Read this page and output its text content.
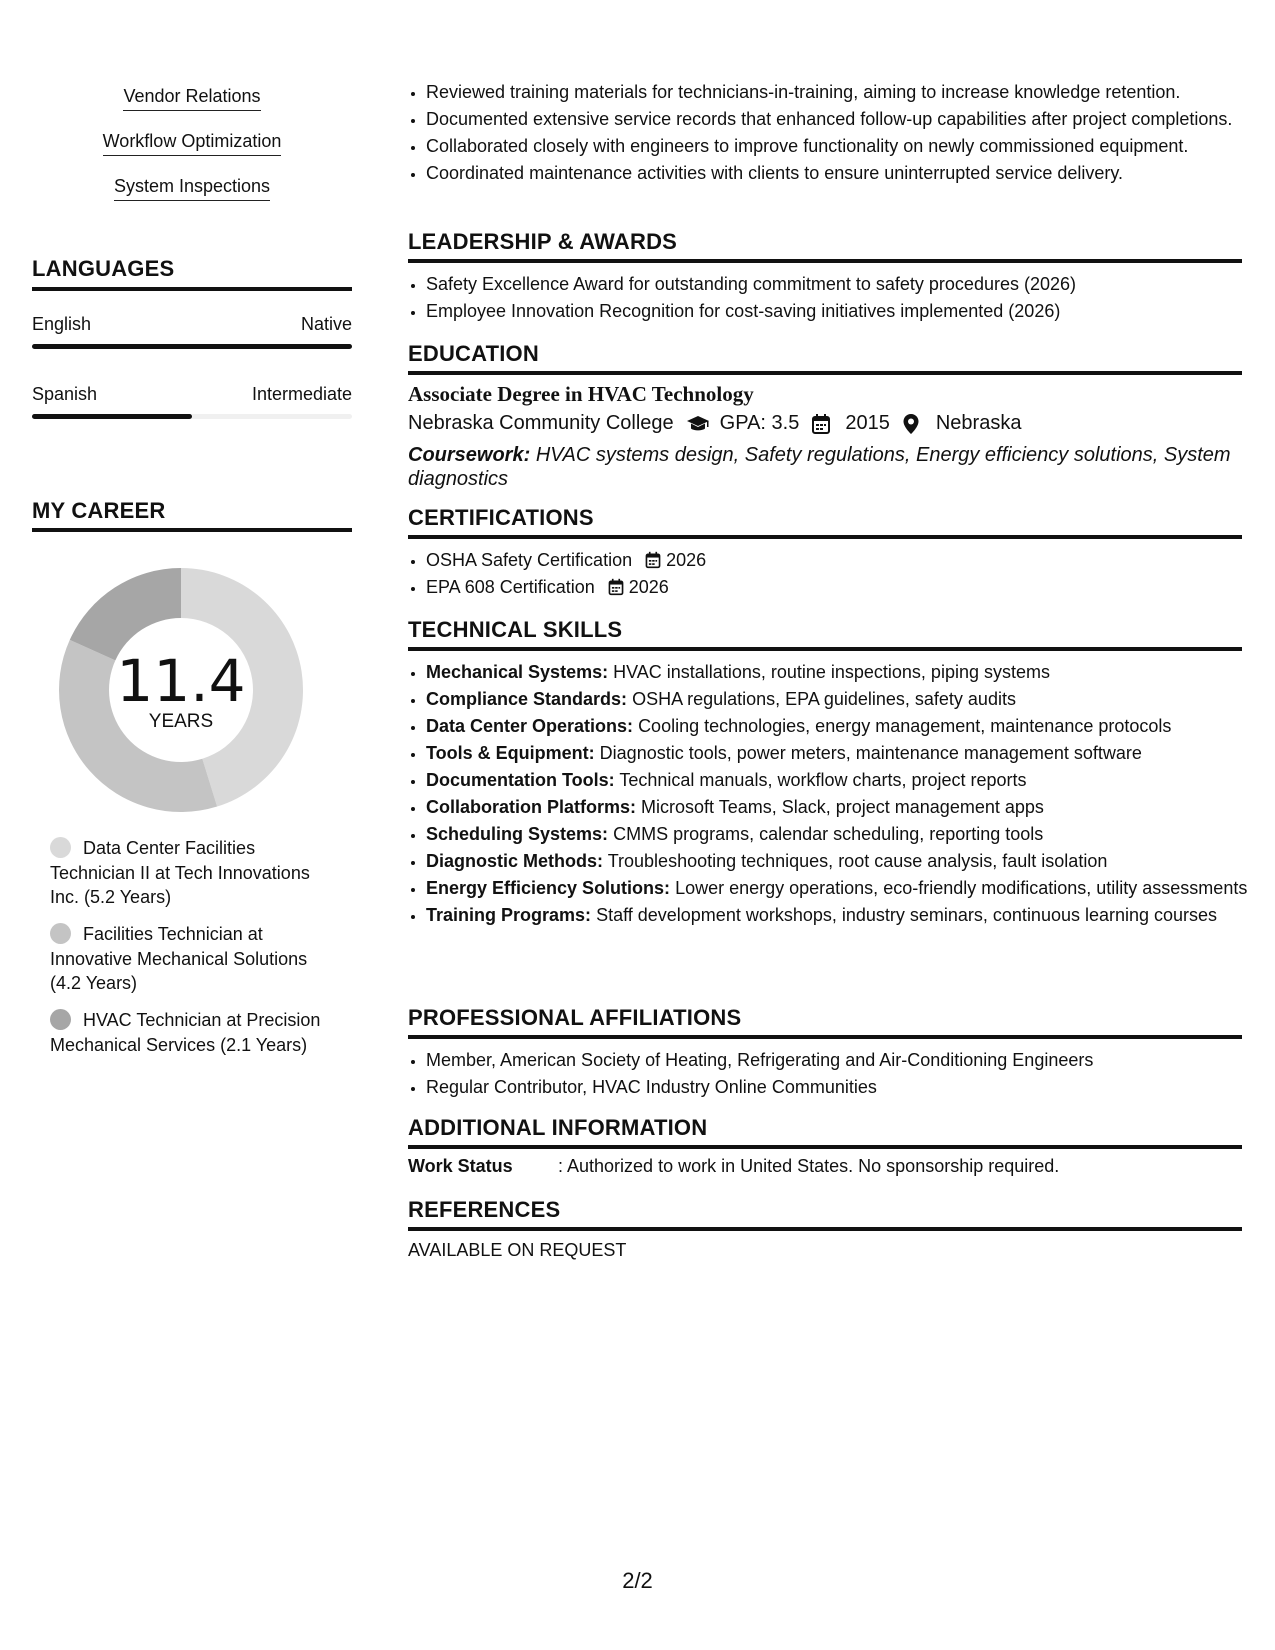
Vendor Relations
Workflow Optimization
System Inspections
LANGUAGES
English	Native
Spanish	Intermediate
MY CAREER
11.4
YEARS
Data Center Facilities Technician II at Tech Innovations Inc. (5.2 Years)
Facilities Technician at Innovative Mechanical Solutions (4.2 Years)
HVAC Technician at Precision Mechanical Services (2.1 Years)
• Reviewed training materials for technicians-in-training, aiming to increase knowledge retention.
• Documented extensive service records that enhanced follow-up capabilities after project completions.
• Collaborated closely with engineers to improve functionality on newly commissioned equipment.
• Coordinated maintenance activities with clients to ensure uninterrupted service delivery.
LEADERSHIP & AWARDS
• Safety Excellence Award for outstanding commitment to safety procedures (2026)
• Employee Innovation Recognition for cost-saving initiatives implemented (2026)
EDUCATION
Associate Degree in HVAC Technology
Nebraska Community College GPA: 3.5 2015 Nebraska
Coursework: HVAC systems design, Safety regulations, Energy efficiency solutions, System diagnostics
CERTIFICATIONS
• OSHA Safety Certification 2026
• EPA 608 Certification 2026
TECHNICAL SKILLS
• Mechanical Systems: HVAC installations, routine inspections, piping systems
• Compliance Standards: OSHA regulations, EPA guidelines, safety audits
• Data Center Operations: Cooling technologies, energy management, maintenance protocols
• Tools & Equipment: Diagnostic tools, power meters, maintenance management software
• Documentation Tools: Technical manuals, workflow charts, project reports
• Collaboration Platforms: Microsoft Teams, Slack, project management apps
• Scheduling Systems: CMMS programs, calendar scheduling, reporting tools
• Diagnostic Methods: Troubleshooting techniques, root cause analysis, fault isolation
• Energy Efficiency Solutions: Lower energy operations, eco-friendly modifications, utility assessments
• Training Programs: Staff development workshops, industry seminars, continuous learning courses
PROFESSIONAL AFFILIATIONS
• Member, American Society of Heating, Refrigerating and Air-Conditioning Engineers
• Regular Contributor, HVAC Industry Online Communities
ADDITIONAL INFORMATION
Work Status	: Authorized to work in United States. No sponsorship required.
REFERENCES
AVAILABLE ON REQUEST
2/2
